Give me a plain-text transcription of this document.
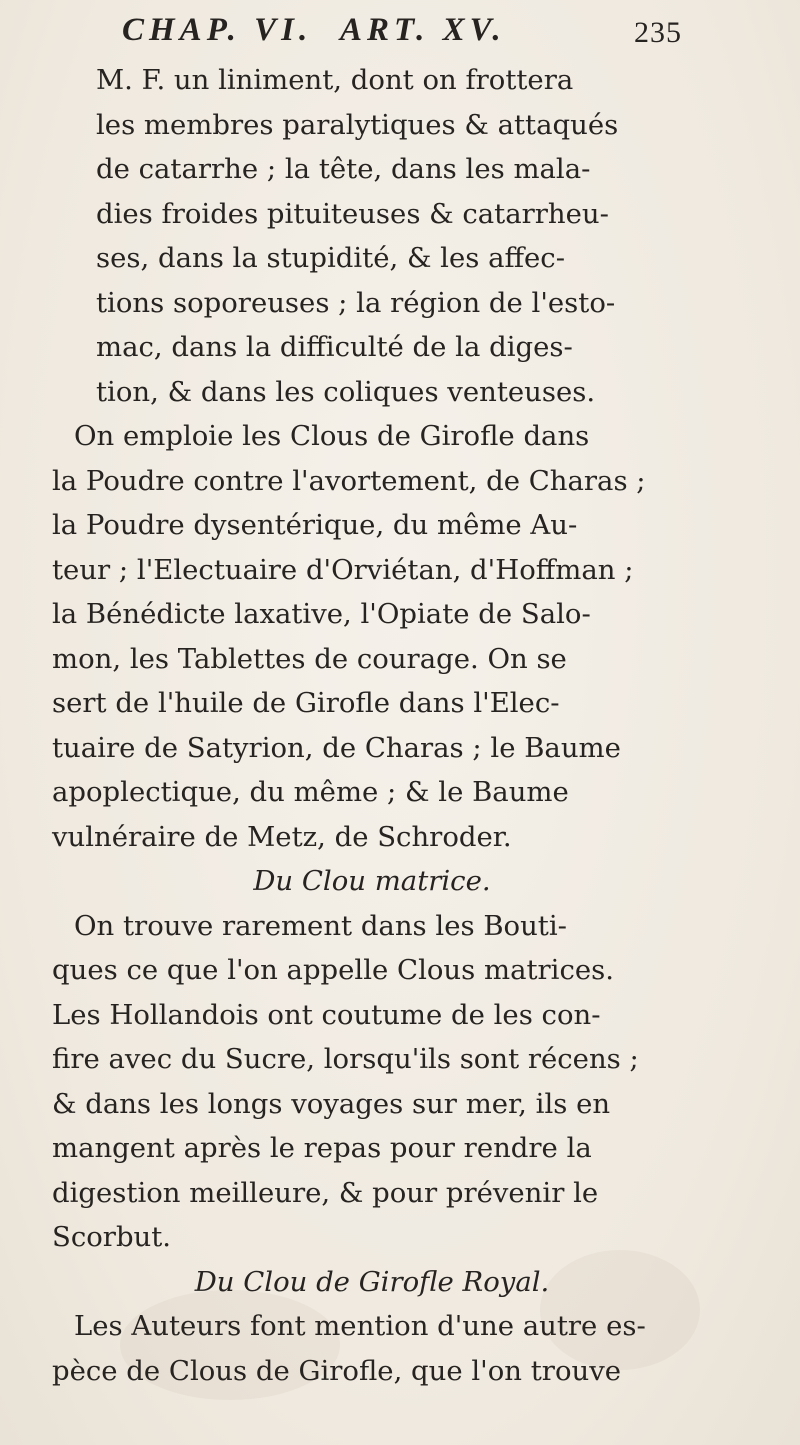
CHAP. VI. ART. XV.	235
M. F. un liniment, dont on frottera
les membres paralytiques & attaqués
de catarrhe ; la tête, dans les mala-
dies froides pituiteuses & catarrheu-
ses, dans la stupidité, & les affec-
tions soporeuses ; la région de l'esto-
mac, dans la difficulté de la diges-
tion, & dans les coliques venteuses.
On emploie les Clous de Girofle dans
la Poudre contre l'avortement, de Charas ;
la Poudre dysentérique, du même Au-
teur ; l'Electuaire d'Orviétan, d'Hoffman ;
la Bénédicte laxative, l'Opiate de Salo-
mon, les Tablettes de courage. On se
sert de l'huile de Girofle dans l'Elec-
tuaire de Satyrion, de Charas ; le Baume
apoplectique, du même ; & le Baume
vulnéraire de Metz, de Schroder.
Du Clou matrice.
On trouve rarement dans les Bouti-
ques ce que l'on appelle Clous matrices.
Les Hollandois ont coutume de les con-
fire avec du Sucre, lorsqu'ils sont récens ;
& dans les longs voyages sur mer, ils en
mangent après le repas pour rendre la
digestion meilleure, & pour prévenir le
Scorbut.
Du Clou de Girofle Royal.
Les Auteurs font mention d'une autre es-
pèce de Clous de Girofle, que l'on trouve
